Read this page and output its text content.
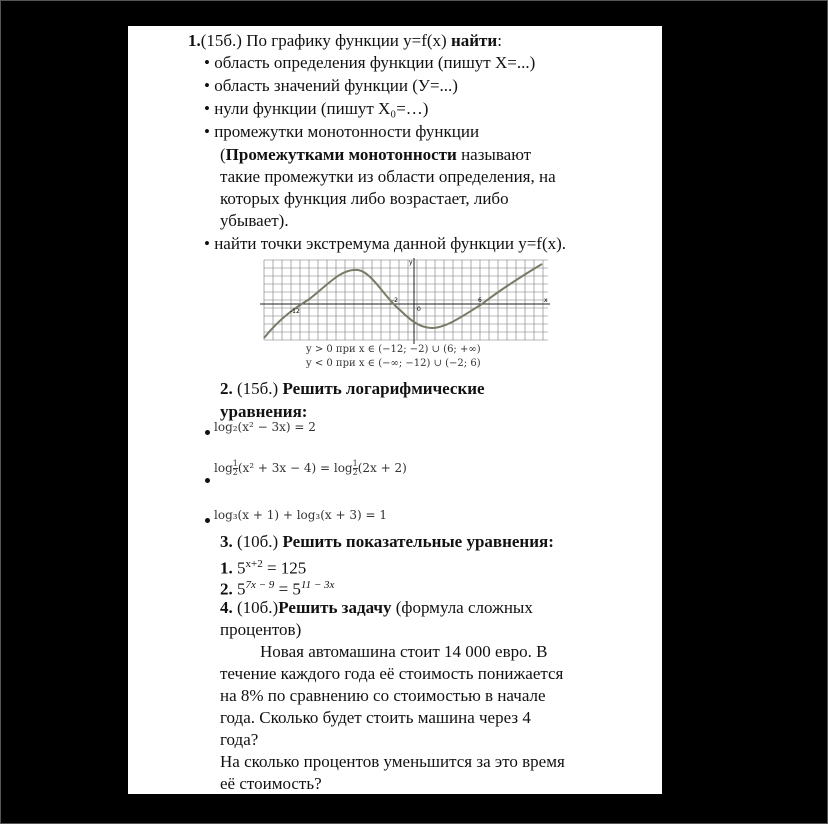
1.(15б.) По графику функции y=f(x) найти:
• область определения функции (пишут X=...)
• область значений функции (У=...)
• нули функции (пишут X₀=…)
• промежутки монотонности функции
(Промежутками монотонности называют
такие промежутки из области определения, на
которых функция либо возрастает, либо
убывает).
• найти точки экстремума данной функции y=f(x).
y
x
0
-12
-2	6
y > 0 при x ∈ (−12; −2) ∪ (6; +∞)
y < 0 при x ∈ (−∞; −12) ∪ (−2; 6)
2. (15б.) Решить логарифмические
уравнения:
log₂(x² − 3x) = 2
$\log \frac{1}{2} (x^2 + 3x - 4) = \log \frac{1}{2} (2x + 2)$
log₃(x + 1) + log₃(x + 3) = 1
3. (10б.) Решить показательные уравнения:
1. $5^{x+2} = 125$
2. $5^{7x - 9} = 5^{11 - 3x}$
4. (10б.)Решить задачу (формула сложных
процентов)
Новая автомашина стоит 14 000 евро. В
течение каждого года её стоимость понижается
на 8% по сравнению со стоимостью в начале
года. Сколько будет стоить машина через 4
года?
На сколько процентов уменьшится за это время
её стоимость?
